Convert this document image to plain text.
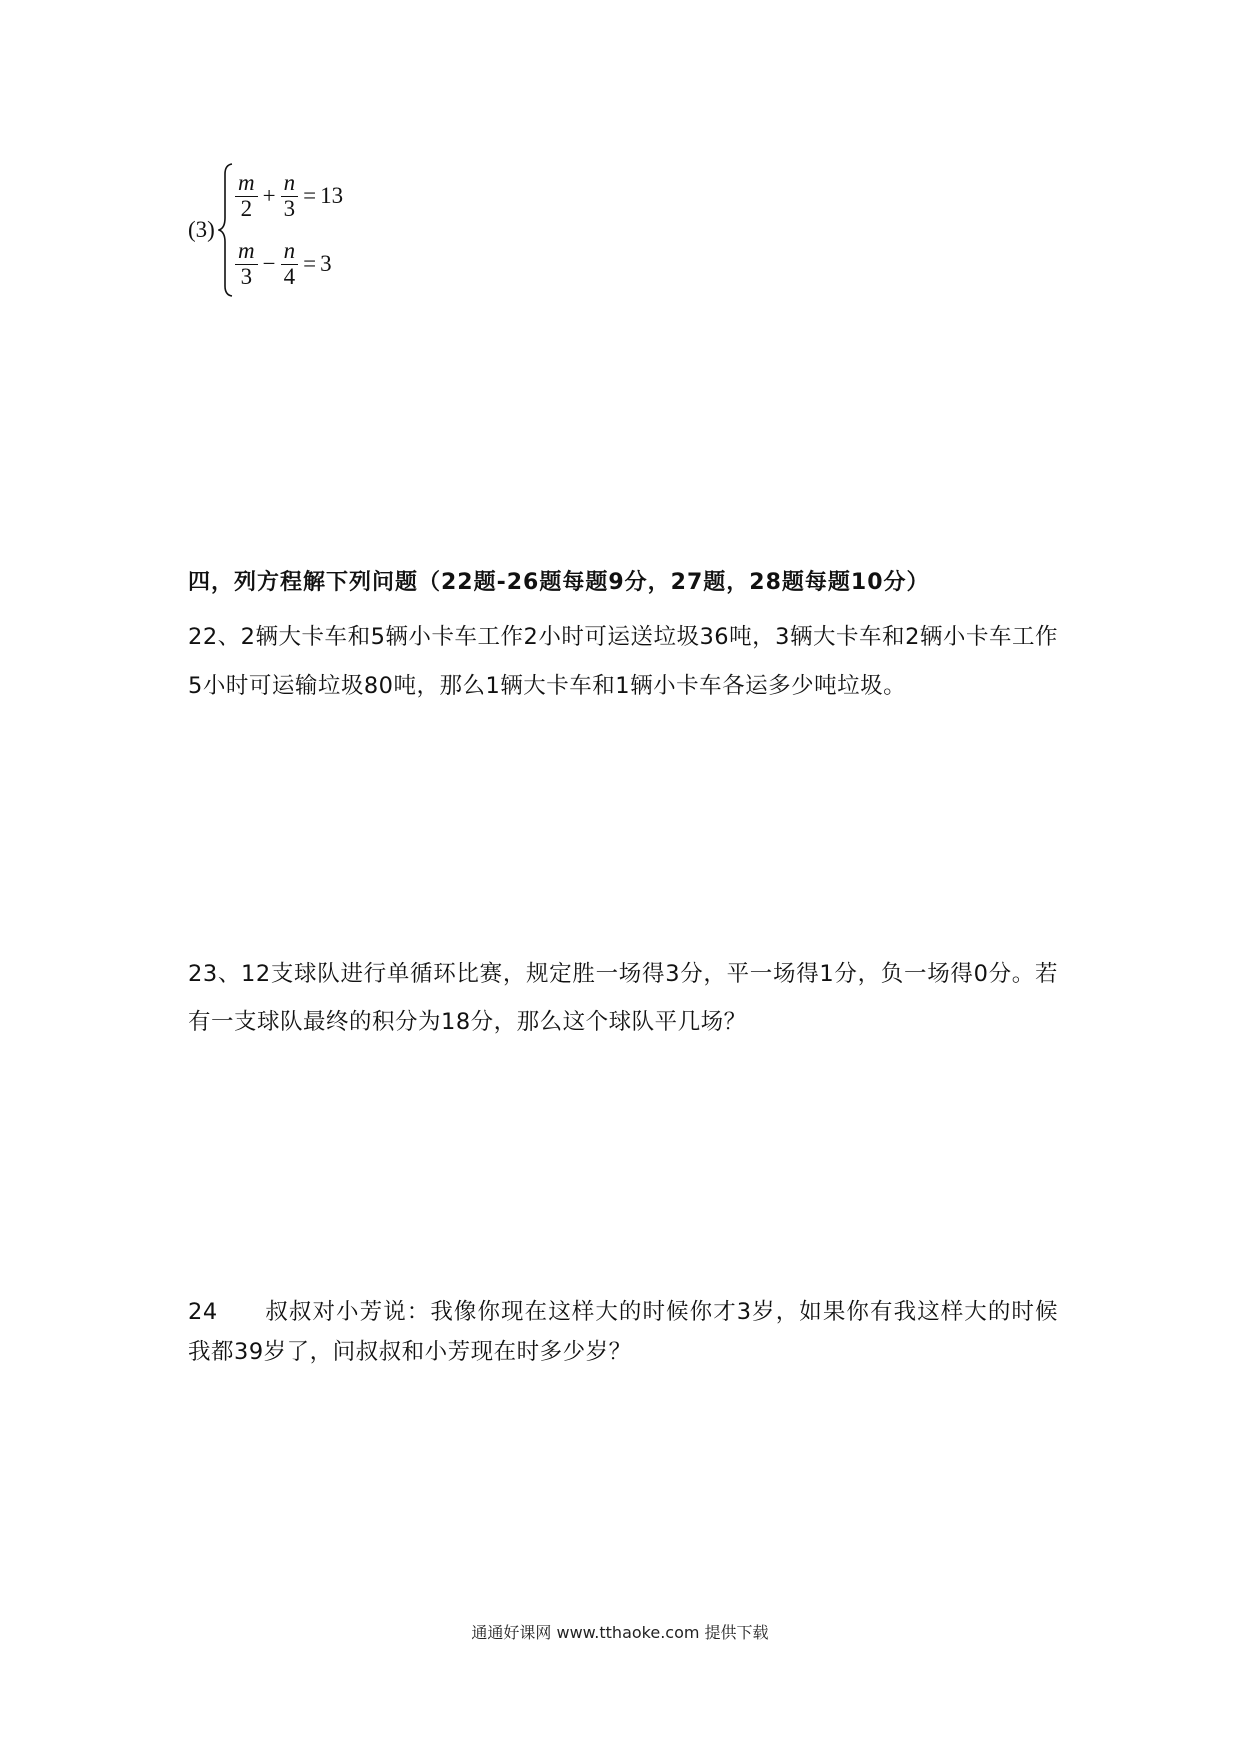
(3)
$\frac{m}{2} + \frac{n}{3} = 13$
$\frac{m}{3} - \frac{n}{4} = 3$
四，列方程解下列问题（22题-26题每题9分，27题，28题每题10分）

22、2辆大卡车和5辆小卡车工作2小时可运送垃圾36吨，3辆大卡车和2辆小卡车工作5小时可运输垃圾80吨，那么1辆大卡车和1辆小卡车各运多少吨垃圾。

23、12支球队进行单循环比赛，规定胜一场得3分，平一场得1分，负一场得0分。若有一支球队最终的积分为18分，那么这个球队平几场？

24　　叔叔对小芳说：我像你现在这样大的时候你才3岁，如果你有我这样大的时候我都39岁了，问叔叔和小芳现在时多少岁？

通通好课网 www.tthaoke.com 提供下载
